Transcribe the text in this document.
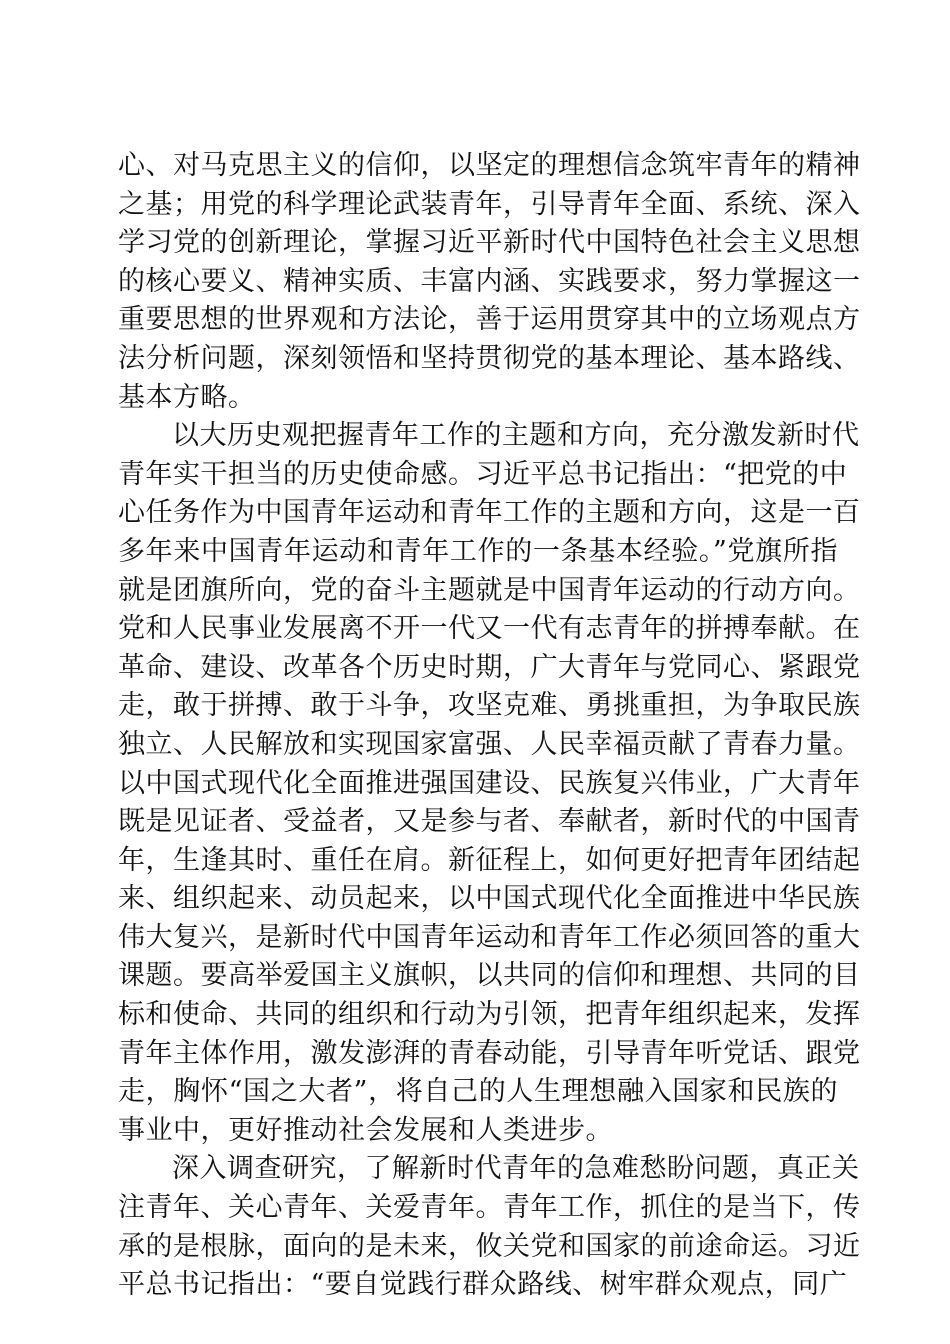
心、对马克思主义的信仰，以坚定的理想信念筑牢青年的精神
之基；用党的科学理论武装青年，引导青年全面、系统、深入
学习党的创新理论，掌握习近平新时代中国特色社会主义思想
的核心要义、精神实质、丰富内涵、实践要求，努力掌握这一
重要思想的世界观和方法论，善于运用贯穿其中的立场观点方
法分析问题，深刻领悟和坚持贯彻党的基本理论、基本路线、
基本方略。
以大历史观把握青年工作的主题和方向，充分激发新时代
青年实干担当的历史使命感。习近平总书记指出：“把党的中
心任务作为中国青年运动和青年工作的主题和方向，这是一百
多年来中国青年运动和青年工作的一条基本经验。”党旗所指
就是团旗所向，党的奋斗主题就是中国青年运动的行动方向。
党和人民事业发展离不开一代又一代有志青年的拼搏奉献。在
革命、建设、改革各个历史时期，广大青年与党同心、紧跟党
走，敢于拼搏、敢于斗争，攻坚克难、勇挑重担，为争取民族
独立、人民解放和实现国家富强、人民幸福贡献了青春力量。
以中国式现代化全面推进强国建设、民族复兴伟业，广大青年
既是见证者、受益者，又是参与者、奉献者，新时代的中国青
年，生逢其时、重任在肩。新征程上，如何更好把青年团结起
来、组织起来、动员起来，以中国式现代化全面推进中华民族
伟大复兴，是新时代中国青年运动和青年工作必须回答的重大
课题。要高举爱国主义旗帜，以共同的信仰和理想、共同的目
标和使命、共同的组织和行动为引领，把青年组织起来，发挥
青年主体作用，激发澎湃的青春动能，引导青年听党话、跟党
走，胸怀“国之大者”，将自己的人生理想融入国家和民族的
事业中，更好推动社会发展和人类进步。
深入调查研究，了解新时代青年的急难愁盼问题，真正关
注青年、关心青年、关爱青年。青年工作，抓住的是当下，传
承的是根脉，面向的是未来，攸关党和国家的前途命运。习近
平总书记指出：“要自觉践行群众路线、树牢群众观点，同广
